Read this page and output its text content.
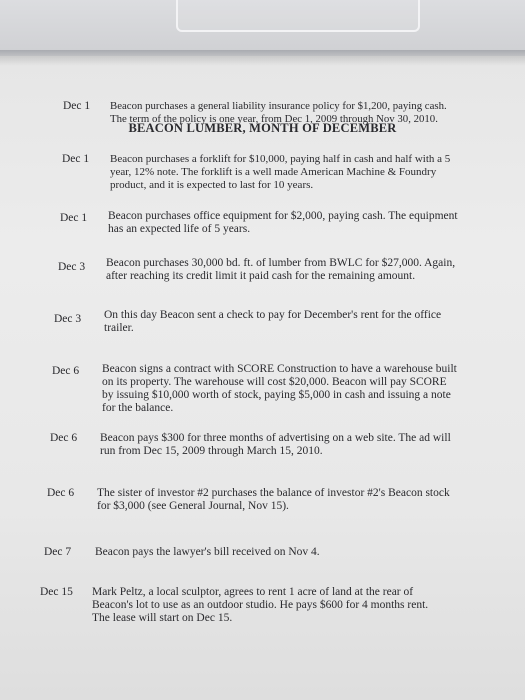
BEACON LUMBER, MONTH OF DECEMBER
Dec 1 Beacon purchases a general liability insurance policy for $1,200, paying cash.
The term of the policy is one year, from Dec 1, 2009 through Nov 30, 2010.
Dec 1 Beacon purchases a forklift for $10,000, paying half in cash and half with a 5
year, 12% note. The forklift is a well made American Machine & Foundry
product, and it is expected to last for 10 years.
Dec 1 Beacon purchases office equipment for $2,000, paying cash. The equipment
has an expected life of 5 years.
Dec 3 Beacon purchases 30,000 bd. ft. of lumber from BWLC for $27,000. Again,
after reaching its credit limit it paid cash for the remaining amount.
Dec 3 On this day Beacon sent a check to pay for December's rent for the office
trailer.
Dec 6 Beacon signs a contract with SCORE Construction to have a warehouse built
on its property. The warehouse will cost $20,000. Beacon will pay SCORE
by issuing $10,000 worth of stock, paying $5,000 in cash and issuing a note
for the balance.
Dec 6 Beacon pays $300 for three months of advertising on a web site. The ad will
run from Dec 15, 2009 through March 15, 2010.
Dec 6 The sister of investor #2 purchases the balance of investor #2's Beacon stock
for $3,000 (see General Journal, Nov 15).
Dec 7 Beacon pays the lawyer's bill received on Nov 4.
Dec 15 Mark Peltz, a local sculptor, agrees to rent 1 acre of land at the rear of
Beacon's lot to use as an outdoor studio. He pays $600 for 4 months rent.
The lease will start on Dec 15.
